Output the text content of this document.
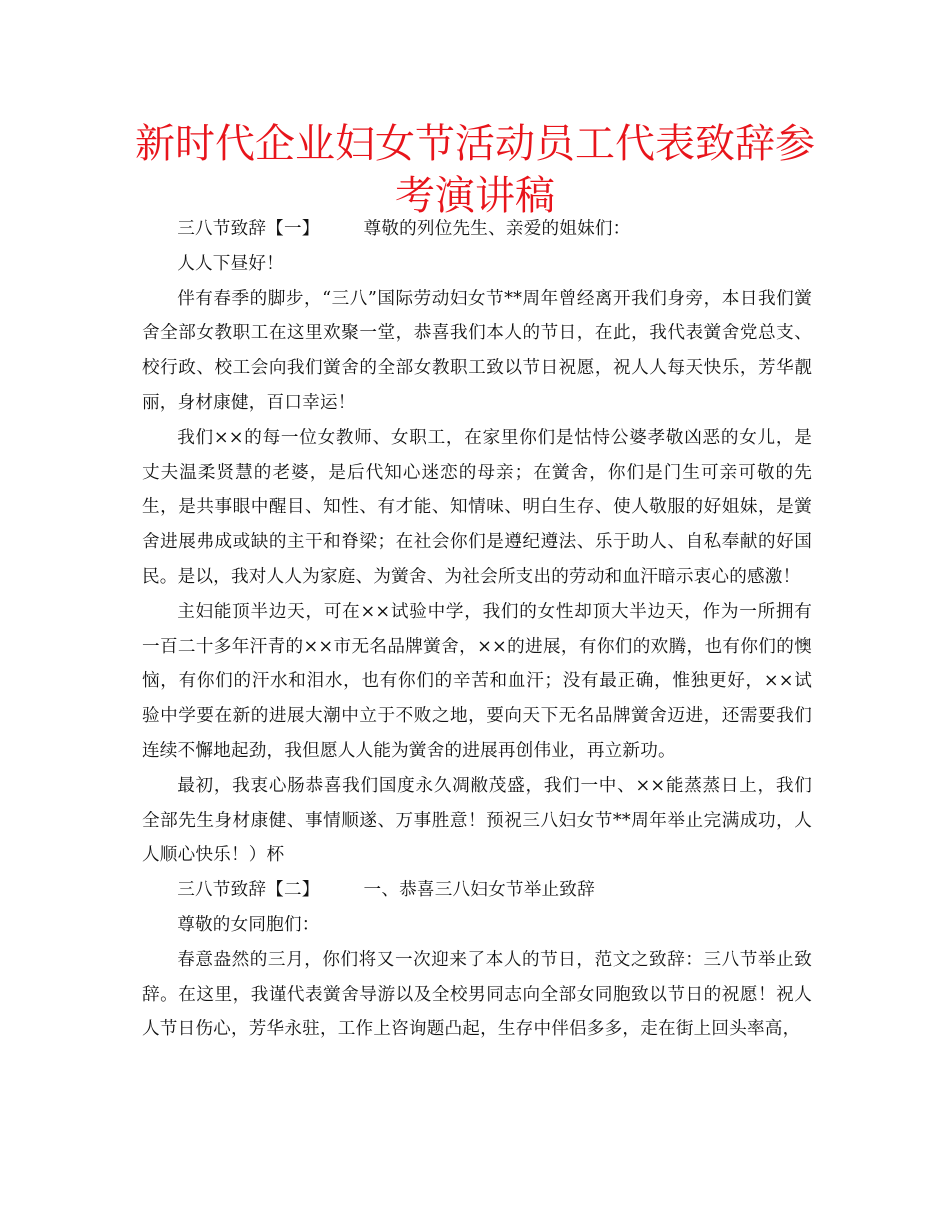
新时代企业妇女节活动员工代表致辞参考演讲稿

三八节致辞【一】	尊敬的列位先生、亲爱的姐妹们：

人人下昼好！

伴有春季的脚步，“三八”国际劳动妇女节**周年曾经离开我们身旁，本日我们黉舍全部女教职工在这里欢聚一堂，恭喜我们本人的节日，在此，我代表黉舍党总支、校行政、校工会向我们黉舍的全部女教职工致以节日祝愿，祝人人每天快乐，芳华靓丽，身材康健，百口幸运！

我们××的每一位女教师、女职工，在家里你们是怙恃公婆孝敬凶恶的女儿，是丈夫温柔贤慧的老婆，是后代知心迷恋的母亲；在黉舍，你们是门生可亲可敬的先生，是共事眼中醒目、知性、有才能、知情味、明白生存、使人敬服的好姐妹，是黉舍进展弗成或缺的主干和脊梁；在社会你们是遵纪遵法、乐于助人、自私奉献的好国民。是以，我对人人为家庭、为黉舍、为社会所支出的劳动和血汗暗示衷心的感激！

主妇能顶半边天，可在××试验中学，我们的女性却顶大半边天，作为一所拥有一百二十多年汗青的××市无名品牌黉舍，××的进展，有你们的欢腾，也有你们的懊恼，有你们的汗水和泪水，也有你们的辛苦和血汗；没有最正确，惟独更好，××试验中学要在新的进展大潮中立于不败之地，要向天下无名品牌黉舍迈进，还需要我们连续不懈地起劲，我但愿人人能为黉舍的进展再创伟业，再立新功。

最初，我衷心肠恭喜我们国度永久凋敝茂盛，我们一中、××能蒸蒸日上，我们全部先生身材康健、事情顺遂、万事胜意！预祝三八妇女节**周年举止完满成功，人人顺心快乐！）杯

三八节致辞【二】	一、恭喜三八妇女节举止致辞

尊敬的女同胞们：

春意盎然的三月，你们将又一次迎来了本人的节日，范文之致辞：三八节举止致辞。在这里，我谨代表黉舍导游以及全校男同志向全部女同胞致以节日的祝愿！祝人人节日伤心，芳华永驻，工作上咨询题凸起，生存中伴侣多多，走在街上回头率高，
